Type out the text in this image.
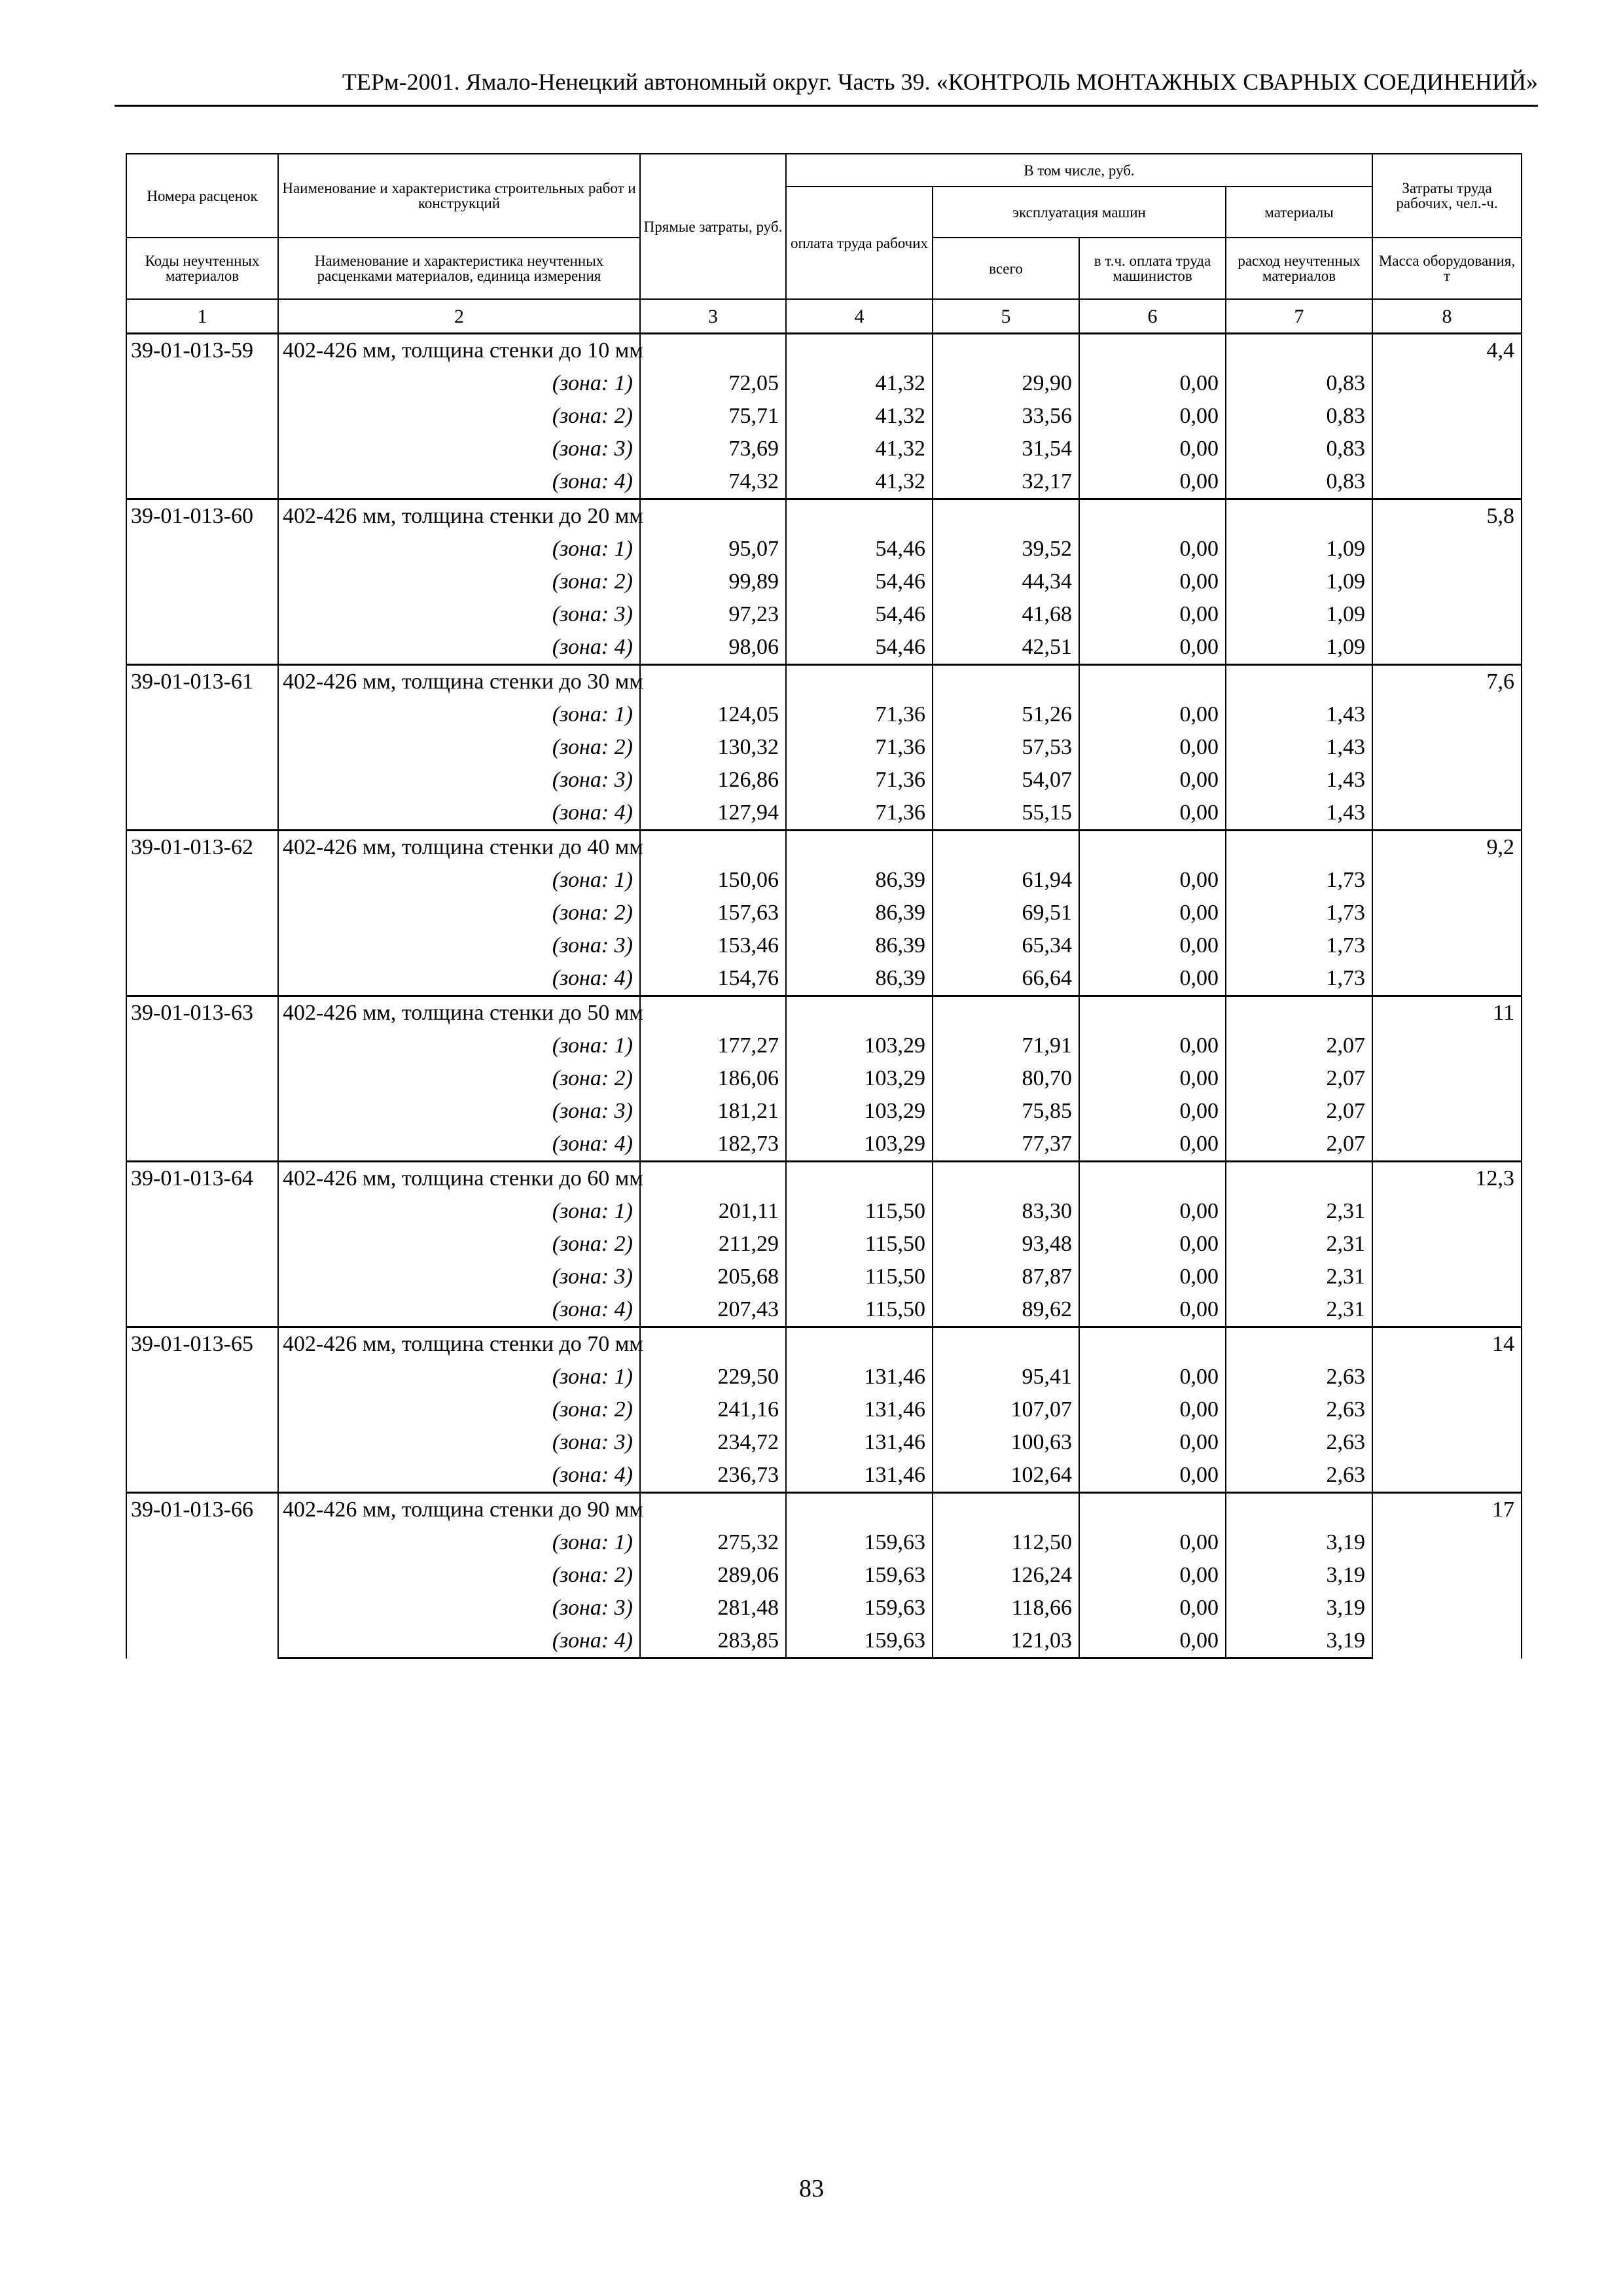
ТЕРм-2001. Ямало-Ненецкий автономный округ. Часть 39. «КОНТРОЛЬ МОНТАЖНЫХ СВАРНЫХ СОЕДИНЕНИЙ»
Номера расценок	Наименование и характеристика строительных работ и конструкций	Прямые затраты, руб.	В том числе, руб.				Затраты труда рабочих, чел.-ч.
			оплата труда рабочих	эксплуатация машин		материалы	
Коды неучтенных материалов	Наименование и характеристика неучтенных расценками материалов, единица измерения			всего	в т.ч. оплата труда машинистов	расход неучтенных материалов	Масса оборудования, т
1	2	3	4	5	6	7	8
39-01-013-59	402-426 мм, толщина стенки до 10 мм						4,4
	(зона: 1)	72,05	41,32	29,90	0,00	0,83	
	(зона: 2)	75,71	41,32	33,56	0,00	0,83	
	(зона: 3)	73,69	41,32	31,54	0,00	0,83	
	(зона: 4)	74,32	41,32	32,17	0,00	0,83	
39-01-013-60	402-426 мм, толщина стенки до 20 мм						5,8
	(зона: 1)	95,07	54,46	39,52	0,00	1,09	
	(зона: 2)	99,89	54,46	44,34	0,00	1,09	
	(зона: 3)	97,23	54,46	41,68	0,00	1,09	
	(зона: 4)	98,06	54,46	42,51	0,00	1,09	
39-01-013-61	402-426 мм, толщина стенки до 30 мм						7,6
	(зона: 1)	124,05	71,36	51,26	0,00	1,43	
	(зона: 2)	130,32	71,36	57,53	0,00	1,43	
	(зона: 3)	126,86	71,36	54,07	0,00	1,43	
	(зона: 4)	127,94	71,36	55,15	0,00	1,43	
39-01-013-62	402-426 мм, толщина стенки до 40 мм						9,2
	(зона: 1)	150,06	86,39	61,94	0,00	1,73	
	(зона: 2)	157,63	86,39	69,51	0,00	1,73	
	(зона: 3)	153,46	86,39	65,34	0,00	1,73	
	(зона: 4)	154,76	86,39	66,64	0,00	1,73	
39-01-013-63	402-426 мм, толщина стенки до 50 мм						11
	(зона: 1)	177,27	103,29	71,91	0,00	2,07	
	(зона: 2)	186,06	103,29	80,70	0,00	2,07	
	(зона: 3)	181,21	103,29	75,85	0,00	2,07	
	(зона: 4)	182,73	103,29	77,37	0,00	2,07	
39-01-013-64	402-426 мм, толщина стенки до 60 мм						12,3
	(зона: 1)	201,11	115,50	83,30	0,00	2,31	
	(зона: 2)	211,29	115,50	93,48	0,00	2,31	
	(зона: 3)	205,68	115,50	87,87	0,00	2,31	
	(зона: 4)	207,43	115,50	89,62	0,00	2,31	
39-01-013-65	402-426 мм, толщина стенки до 70 мм						14
	(зона: 1)	229,50	131,46	95,41	0,00	2,63	
	(зона: 2)	241,16	131,46	107,07	0,00	2,63	
	(зона: 3)	234,72	131,46	100,63	0,00	2,63	
	(зона: 4)	236,73	131,46	102,64	0,00	2,63	
39-01-013-66	402-426 мм, толщина стенки до 90 мм						17
	(зона: 1)	275,32	159,63	112,50	0,00	3,19	
	(зона: 2)	289,06	159,63	126,24	0,00	3,19	
	(зона: 3)	281,48	159,63	118,66	0,00	3,19	
	(зона: 4)	283,85	159,63	121,03	0,00	3,19	
83
